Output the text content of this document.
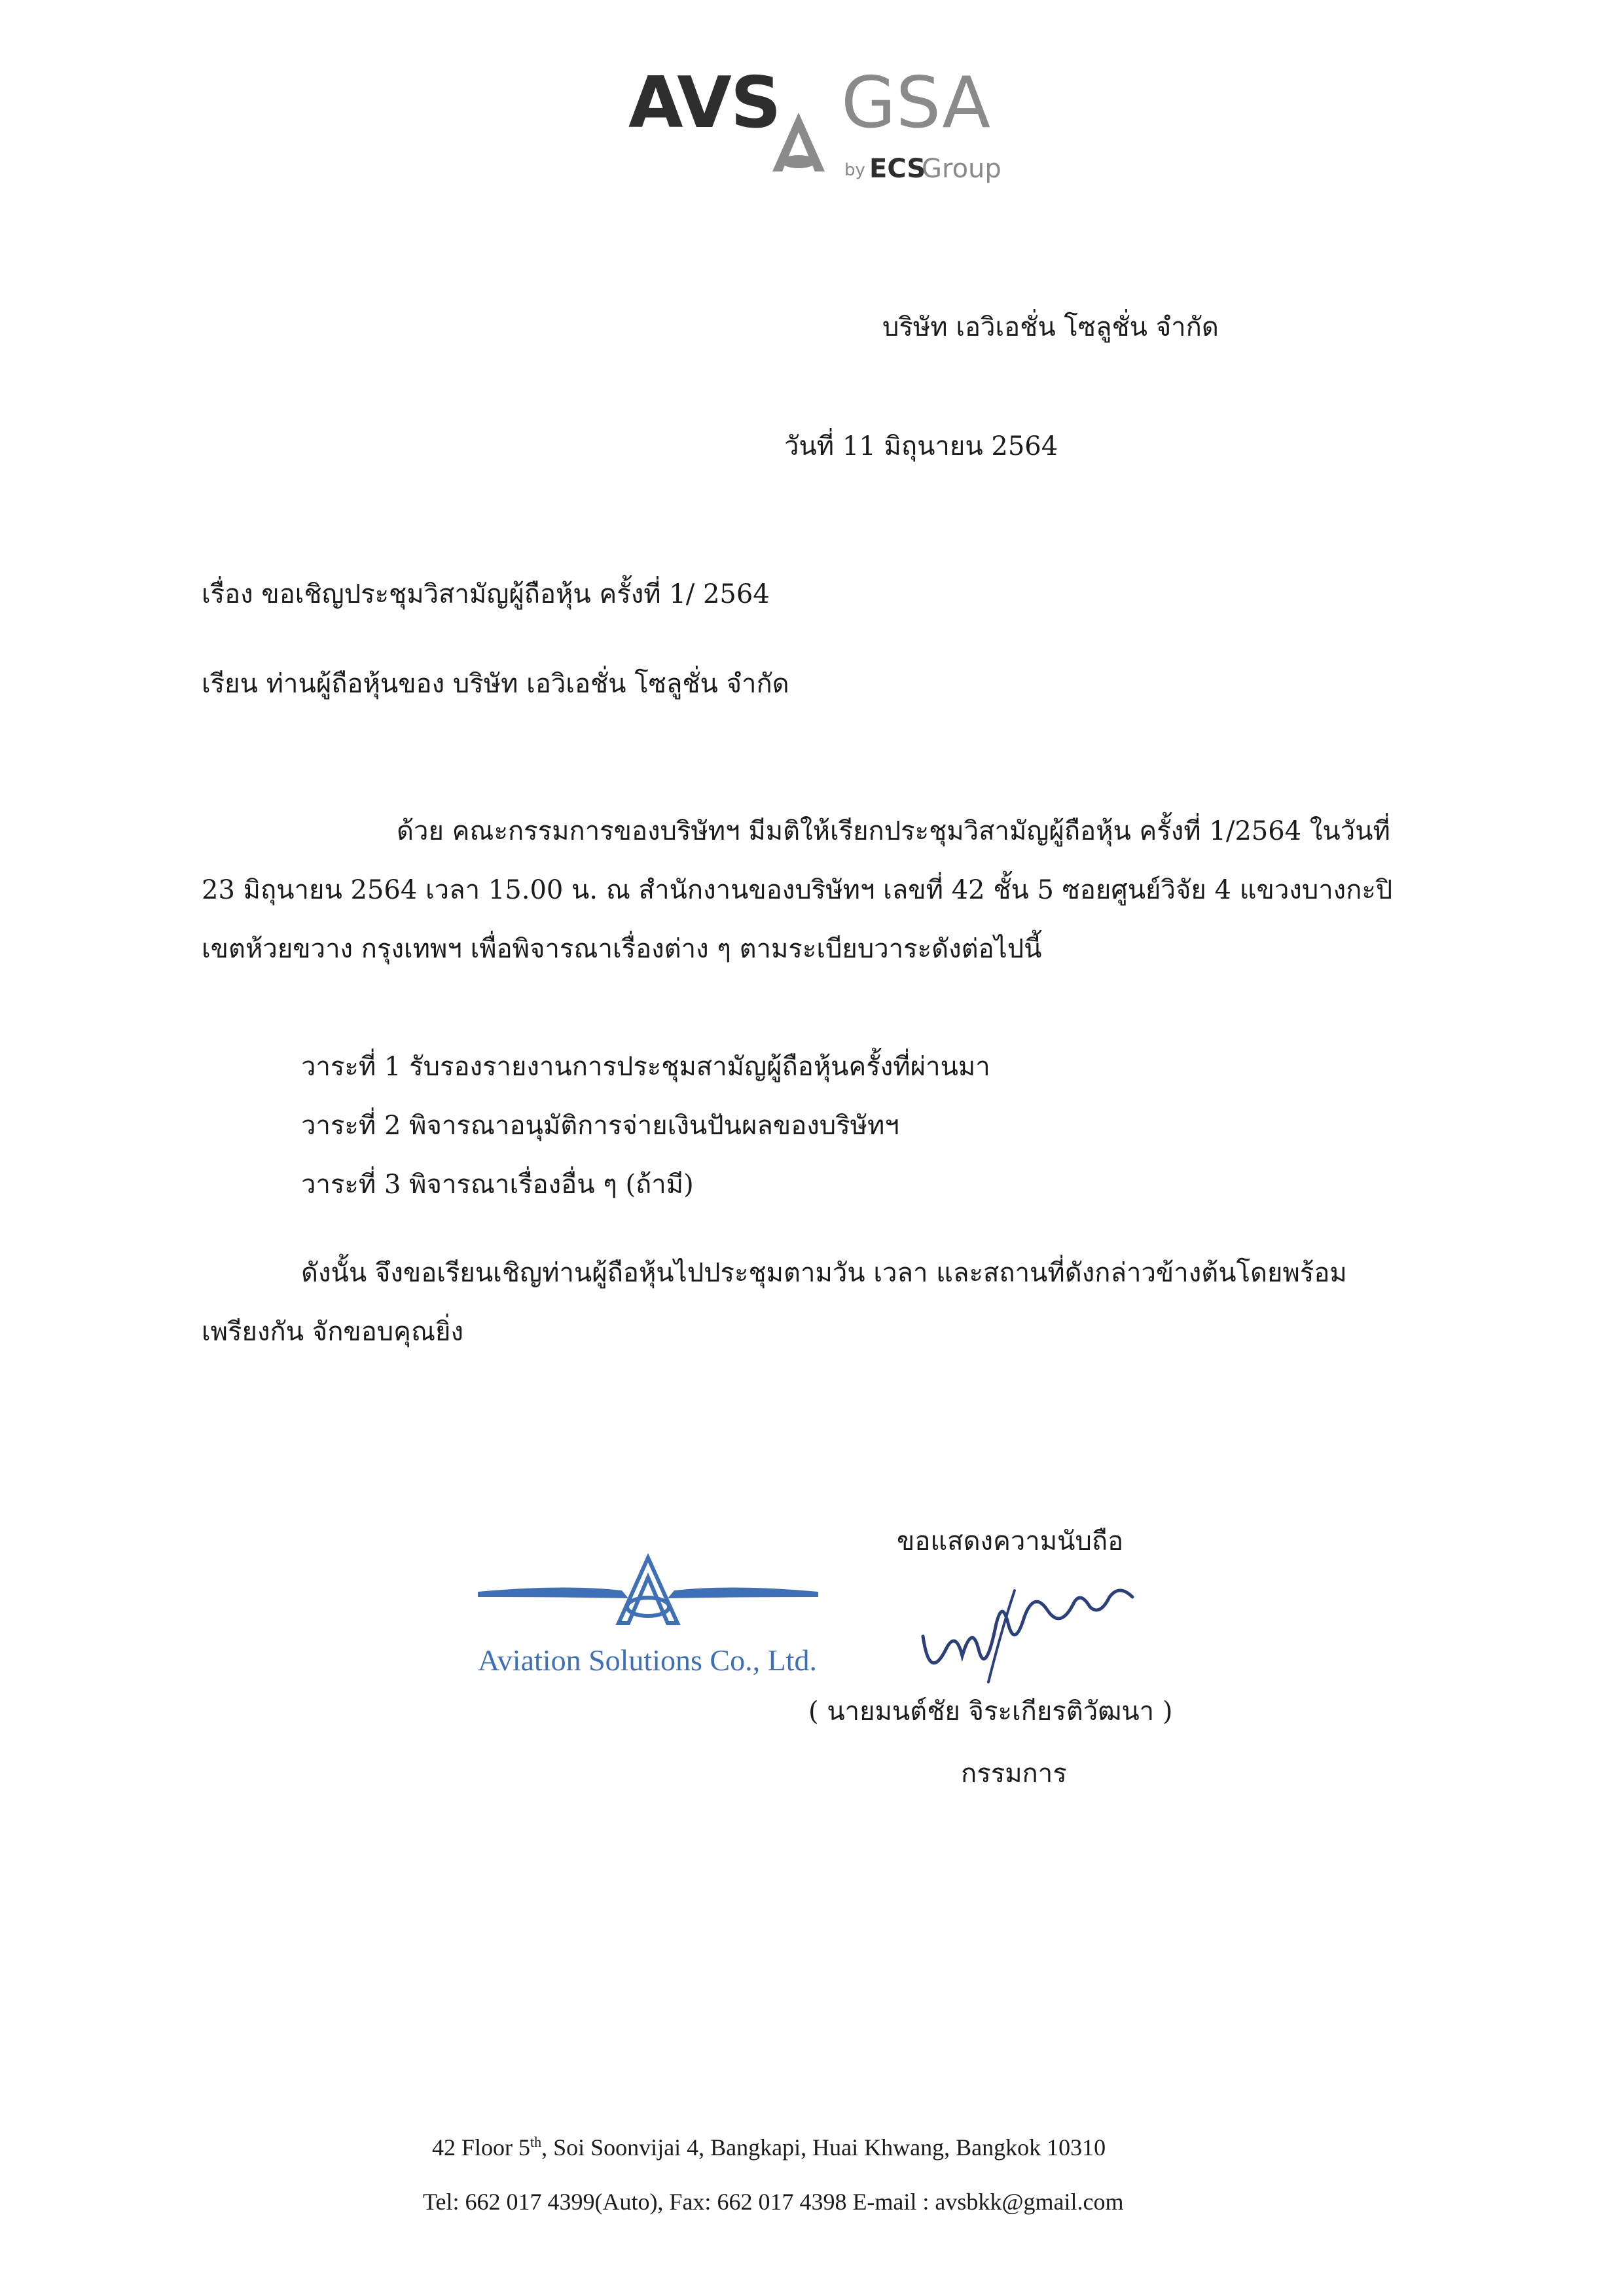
AVS GSA
by ECS
Group
บริษัท เอวิเอชั่น โซลูชั่น จำกัด
วันที่ 11 มิถุนายน 2564
เรื่อง ขอเชิญประชุมวิสามัญผู้ถือหุ้น ครั้งที่ 1/ 2564
เรียน ท่านผู้ถือหุ้นของ บริษัท เอวิเอชั่น โซลูชั่น จำกัด
ด้วย คณะกรรมการของบริษัทฯ มีมติให้เรียกประชุมวิสามัญผู้ถือหุ้น ครั้งที่ 1/2564 ในวันที่
23 มิถุนายน 2564 เวลา 15.00 น. ณ สำนักงานของบริษัทฯ เลขที่ 42 ชั้น 5 ซอยศูนย์วิจัย 4 แขวงบางกะปิ
เขตห้วยขวาง กรุงเทพฯ เพื่อพิจารณาเรื่องต่าง ๆ ตามระเบียบวาระดังต่อไปนี้
วาระที่ 1 รับรองรายงานการประชุมสามัญผู้ถือหุ้นครั้งที่ผ่านมา
วาระที่ 2 พิจารณาอนุมัติการจ่ายเงินปันผลของบริษัทฯ
วาระที่ 3 พิจารณาเรื่องอื่น ๆ (ถ้ามี)
ดังนั้น จึงขอเรียนเชิญท่านผู้ถือหุ้นไปประชุมตามวัน เวลา และสถานที่ดังกล่าวข้างต้นโดยพร้อม
เพรียงกัน จักขอบคุณยิ่ง
ขอแสดงความนับถือ
Aviation Solutions Co., Ltd.
( นายมนต์ชัย จิระเกียรติวัฒนา )
กรรมการ
42 Floor 5th, Soi Soonvijai 4, Bangkapi, Huai Khwang, Bangkok 10310
Tel: 662 017 4399(Auto), Fax: 662 017 4398 E-mail : avsbkk@gmail.com
